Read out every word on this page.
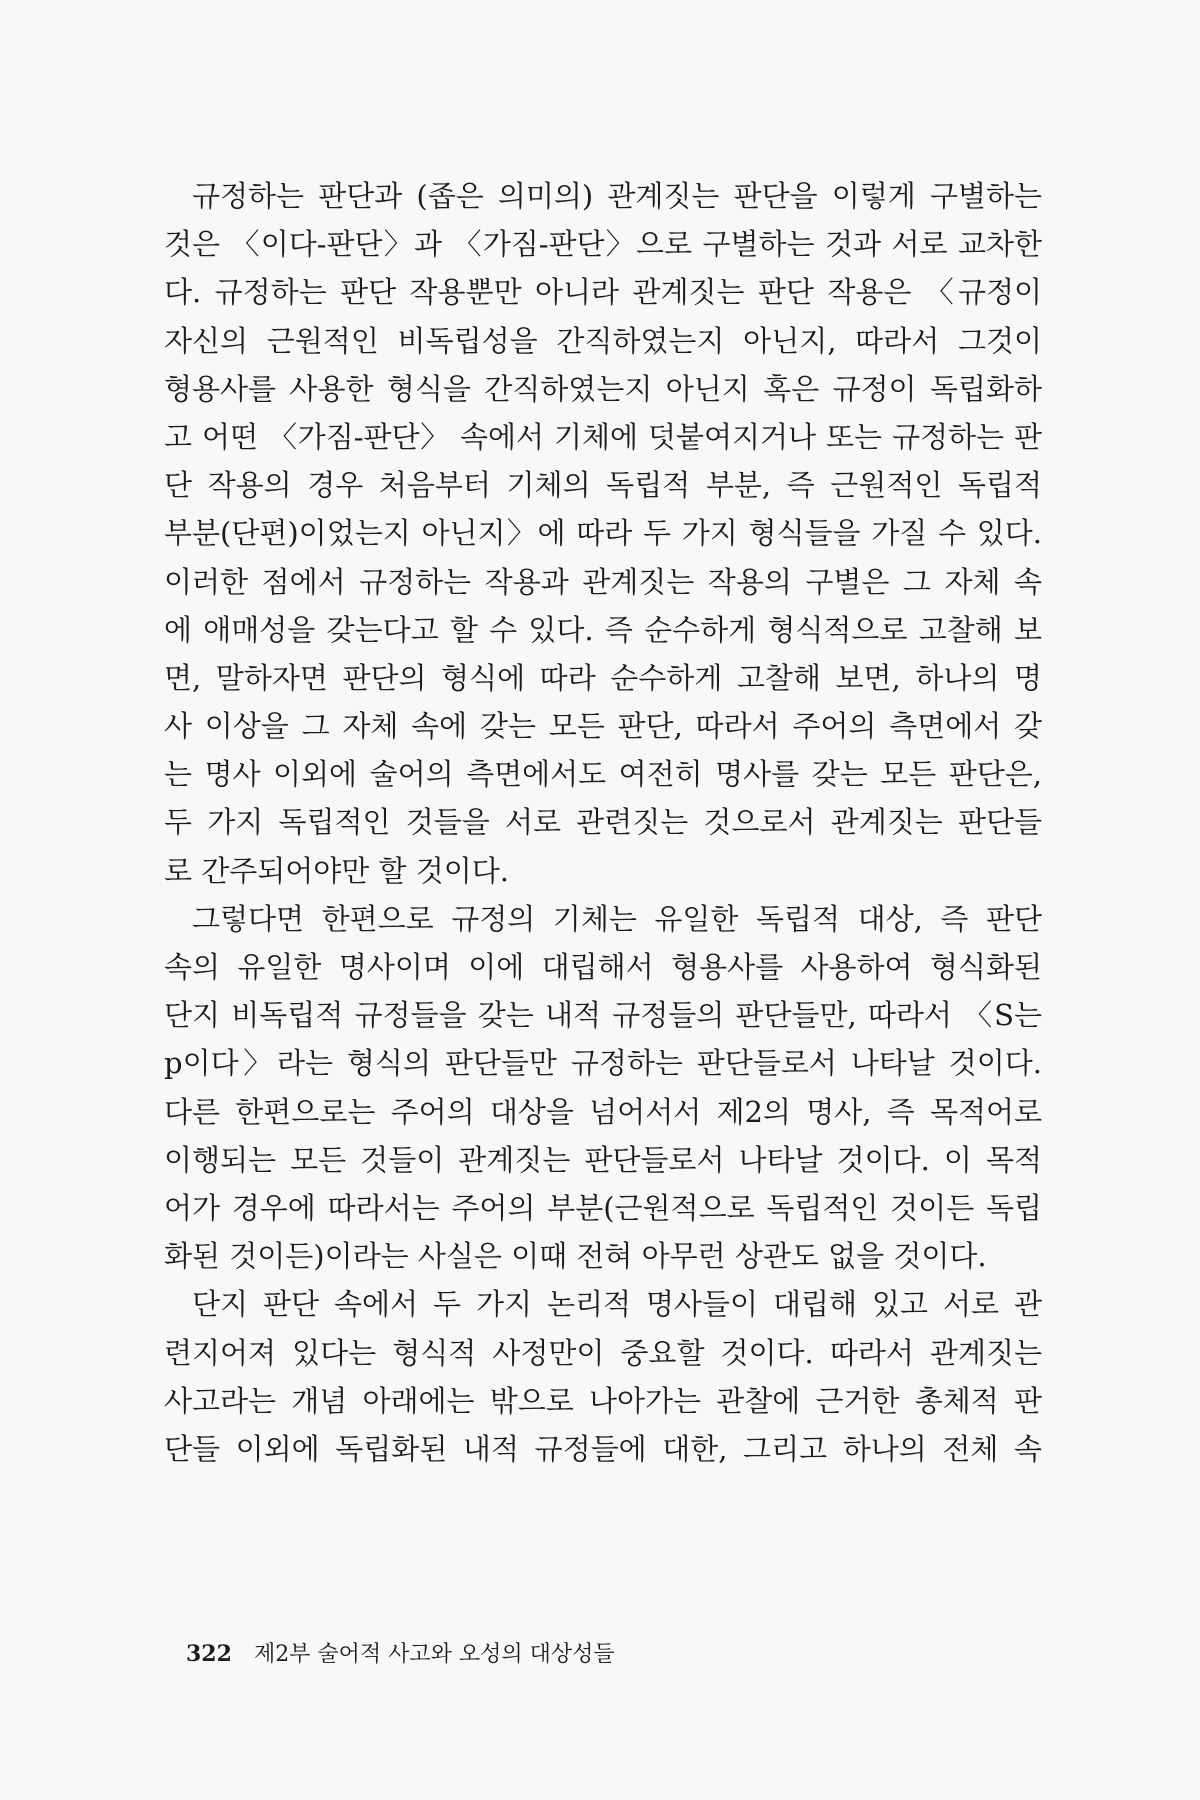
규정하는 판단과 (좁은 의미의) 관계짓는 판단을 이렇게 구별하는
것은 〈이다-판단〉과 〈가짐-판단〉으로 구별하는 것과 서로 교차한
다. 규정하는 판단 작용뿐만 아니라 관계짓는 판단 작용은 〈규정이
자신의 근원적인 비독립성을 간직하였는지 아닌지, 따라서 그것이
형용사를 사용한 형식을 간직하였는지 아닌지 혹은 규정이 독립화하
고 어떤 〈가짐-판단〉 속에서 기체에 덧붙여지거나 또는 규정하는 판
단 작용의 경우 처음부터 기체의 독립적 부분, 즉 근원적인 독립적
부분(단편)이었는지 아닌지〉에 따라 두 가지 형식들을 가질 수 있다.
이러한 점에서 규정하는 작용과 관계짓는 작용의 구별은 그 자체 속
에 애매성을 갖는다고 할 수 있다. 즉 순수하게 형식적으로 고찰해 보
면, 말하자면 판단의 형식에 따라 순수하게 고찰해 보면, 하나의 명
사 이상을 그 자체 속에 갖는 모든 판단, 따라서 주어의 측면에서 갖
는 명사 이외에 술어의 측면에서도 여전히 명사를 갖는 모든 판단은,
두 가지 독립적인 것들을 서로 관련짓는 것으로서 관계짓는 판단들
로 간주되어야만 할 것이다.
그렇다면 한편으로 규정의 기체는 유일한 독립적 대상, 즉 판단
속의 유일한 명사이며 이에 대립해서 형용사를 사용하여 형식화된
단지 비독립적 규정들을 갖는 내적 규정들의 판단들만, 따라서 〈S는
p이다〉라는 형식의 판단들만 규정하는 판단들로서 나타날 것이다.
다른 한편으로는 주어의 대상을 넘어서서 제2의 명사, 즉 목적어로
이행되는 모든 것들이 관계짓는 판단들로서 나타날 것이다. 이 목적
어가 경우에 따라서는 주어의 부분(근원적으로 독립적인 것이든 독립
화된 것이든)이라는 사실은 이때 전혀 아무런 상관도 없을 것이다.
단지 판단 속에서 두 가지 논리적 명사들이 대립해 있고 서로 관
련지어져 있다는 형식적 사정만이 중요할 것이다. 따라서 관계짓는
사고라는 개념 아래에는 밖으로 나아가는 관찰에 근거한 총체적 판
단들 이외에 독립화된 내적 규정들에 대한, 그리고 하나의 전체 속
322 제2부 술어적 사고와 오성의 대상성들
